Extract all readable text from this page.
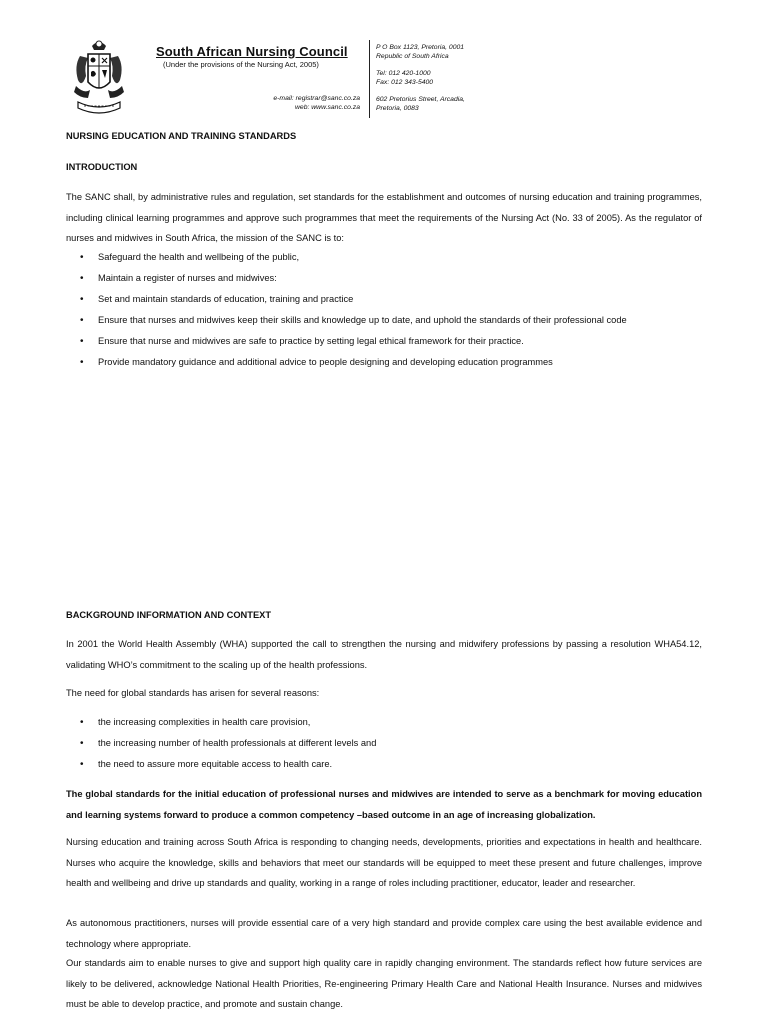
South African Nursing Council
(Under the provisions of the Nursing Act, 2005)
e-mail: registrar@sanc.co.za
web: www.sanc.co.za
P O Box 1123, Pretoria, 0001
Republic of South Africa
Tel: 012 420-1000
Fax: 012 343-5400
602 Pretorius Street, Arcadia,
Pretoria, 0083

NURSING EDUCATION AND TRAINING STANDARDS

INTRODUCTION

The SANC shall, by administrative rules and regulation, set standards for the establishment and outcomes of nursing education and training programmes, including clinical learning programmes and approve such programmes that meet the requirements of the Nursing Act (No. 33 of 2005). As the regulator of nurses and midwives in South Africa, the mission of the SANC is to:

• Safeguard the health and wellbeing of the public,
• Maintain a register of nurses and midwives:
• Set and maintain standards of education, training and practice
• Ensure that nurses and midwives keep their skills and knowledge up to date, and uphold the standards of their professional code
• Ensure that nurse and midwives are safe to practice by setting legal ethical framework for their practice.
• Provide mandatory guidance and additional advice to people designing and developing education programmes

BACKGROUND INFORMATION AND CONTEXT

In 2001 the World Health Assembly (WHA) supported the call to strengthen the nursing and midwifery professions by passing a resolution WHA54.12, validating WHO’s commitment to the scaling up of the health professions.

The need for global standards has arisen for several reasons:

• the increasing complexities in health care provision,
• the increasing number of health professionals at different levels and
• the need to assure more equitable access to health care.

The global standards for the initial education of professional nurses and midwives are intended to serve as a benchmark for moving education and learning systems forward to produce a common competency –based outcome in an age of increasing globalization.

Nursing education and training across South Africa is responding to changing needs, developments, priorities and expectations in health and healthcare. Nurses who acquire the knowledge, skills and behaviors that meet our standards will be equipped to meet these present and future challenges, improve health and wellbeing and drive up standards and quality, working in a range of roles including practitioner, educator, leader and researcher.

As autonomous practitioners, nurses will provide essential care of a very high standard and provide complex care using the best available evidence and technology where appropriate.

Our standards aim to enable nurses to give and support high quality care in rapidly changing environment. The standards reflect how future services are likely to be delivered, acknowledge National Health Priorities, Re-engineering Primary Health Care and National Health Insurance. Nurses and midwives must be able to develop practice, and promote and sustain change.
